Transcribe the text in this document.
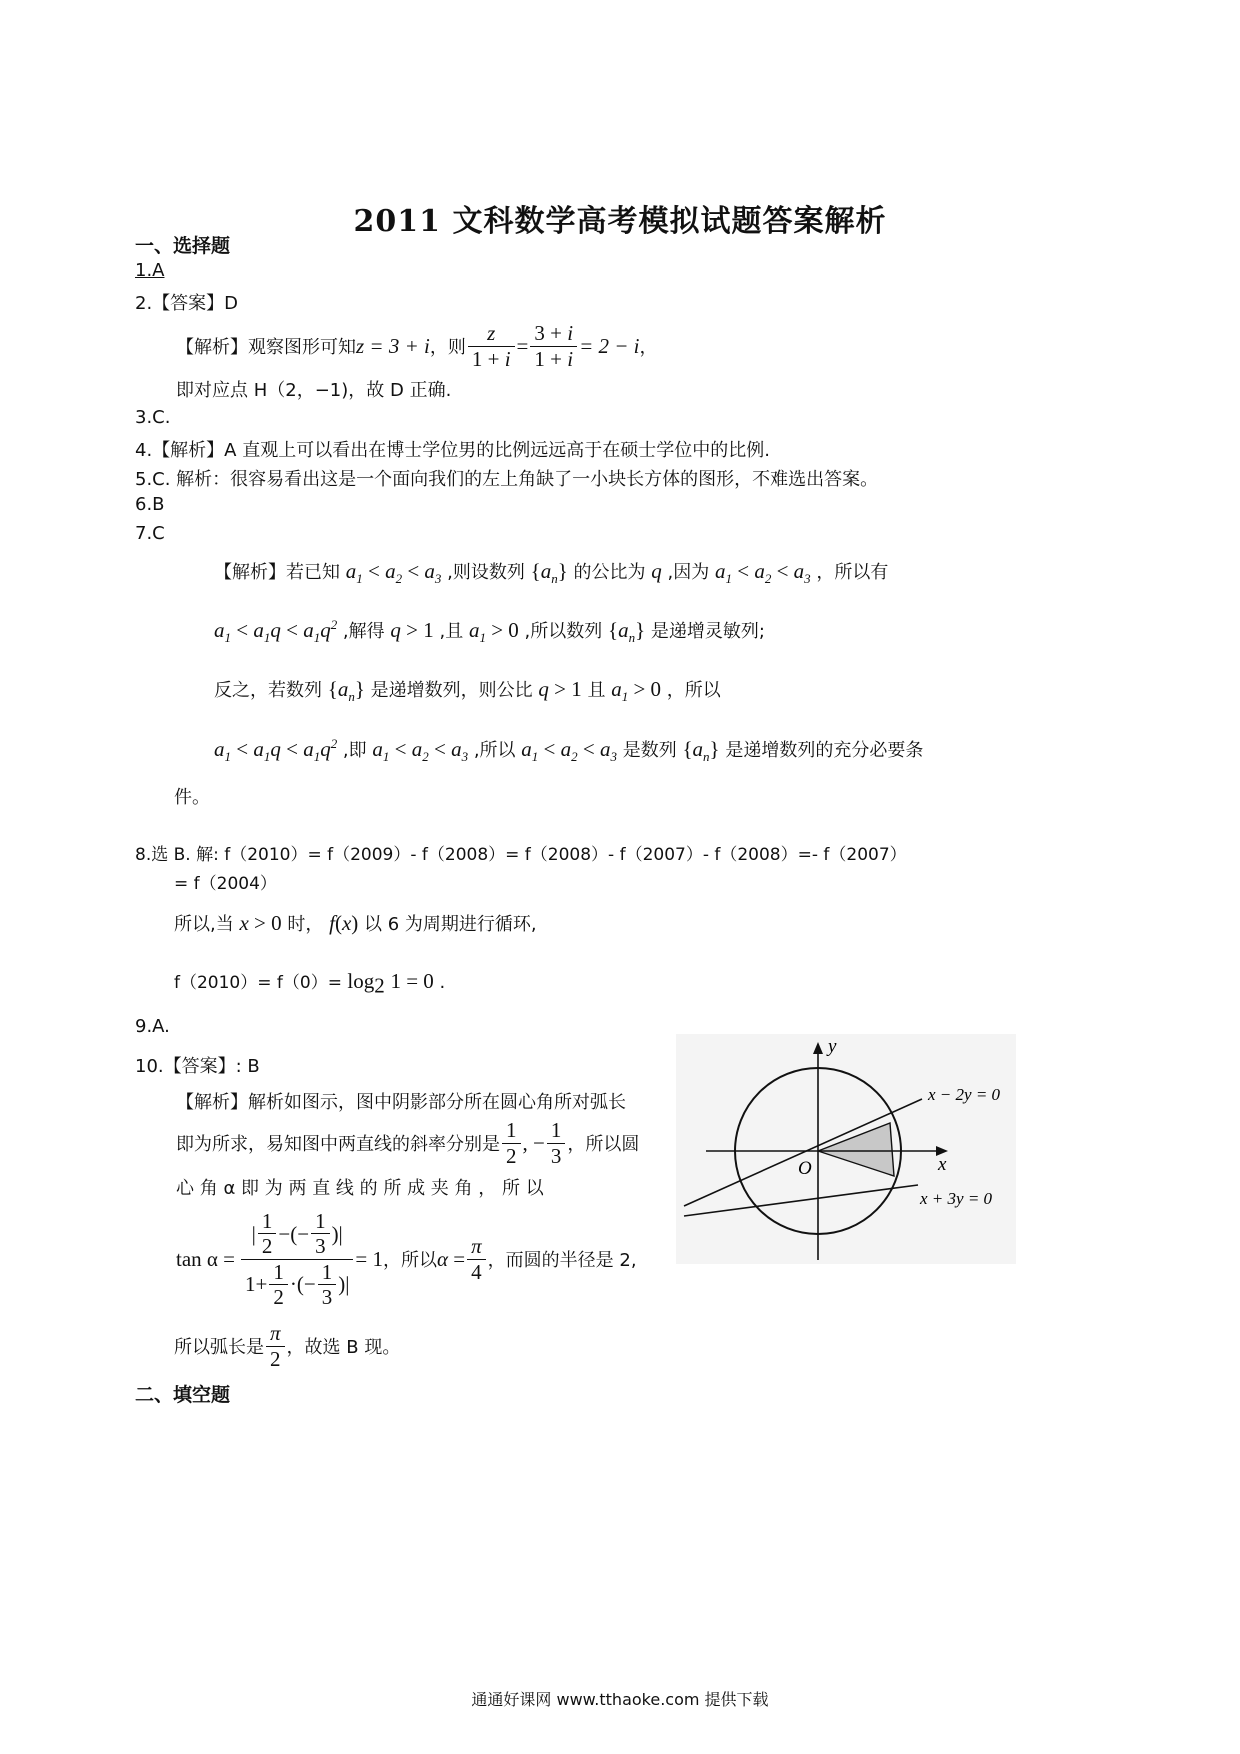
2011 文科数学高考模拟试题答案解析
一、选择题
1.A
2.【答案】D
【解析】观察图形可知 z = 3 + i ，则 $\frac{z}{1 + i} = \frac{3 + i}{1 + i} = 2 - i$ ，
即对应点 H（2，−1)，故 D 正确.
3.C.
4.【解析】A 直观上可以看出在博士学位男的比例远远高于在硕士学位中的比例.
5.C. 解析：很容易看出这是一个面向我们的左上角缺了一小块长方体的图形，不难选出答案。
6.B
7.C
【解析】若已知 $a_1 < a_2 < a_3$ ,则设数列 $\{a_n\}$ 的公比为 q ,因为 $a_1 < a_2 < a_3$ ，所以有
$a_1 < a_1q < a_1q^2$ ,解得 q > 1 ,且 $a_1 > 0$ ,所以数列 $\{a_n\}$ 是递增灵敏列;
反之，若数列 $\{a_n\}$ 是递增数列，则公比 q > 1 且 $a_1 > 0$ ，所以
$a_1 < a_1q < a_1q^2$ ,即 $a_1 < a_2 < a_3$ ,所以 $a_1 < a_2 < a_3$ 是数列 $\{a_n\}$ 是递增数列的充分必要条
件。
8.选 B. 解: f（2010）= f（2009）- f（2008）= f（2008）- f（2007）- f（2008）=- f（2007）
= f（2004）
所以,当 x > 0 时， f(x) 以 6 为周期进行循环,
$f(2010)= f(0)= \log_2 1 = 0$ .
9.A.
10.【答案】: B
【解析】解析如图示，图中阴影部分所在圆心角所对弧长
即为所求，易知图中两直线的斜率分别是 $\frac{1}{2}$ , − $\frac{1}{3}$ ，所以圆
心 角 α 即 为 两 直 线 的 所 成 夹 角 ， 所 以
$\tan \alpha = \frac{| \frac{1}{2} -(- \frac{1}{3} )|}{1+ \frac{1}{2} \cdot(- \frac{1}{3} )|} = 1$ ，所以 $\alpha = \frac{\pi}{4}$ ，而圆的半径是 2,
所以弧长是 $\frac{\pi}{2}$ ，故选 B 现。
二、填空题
y
x
O
x − 2y = 0
x + 3y = 0
通通好课网 www.tthaoke.com 提供下载
